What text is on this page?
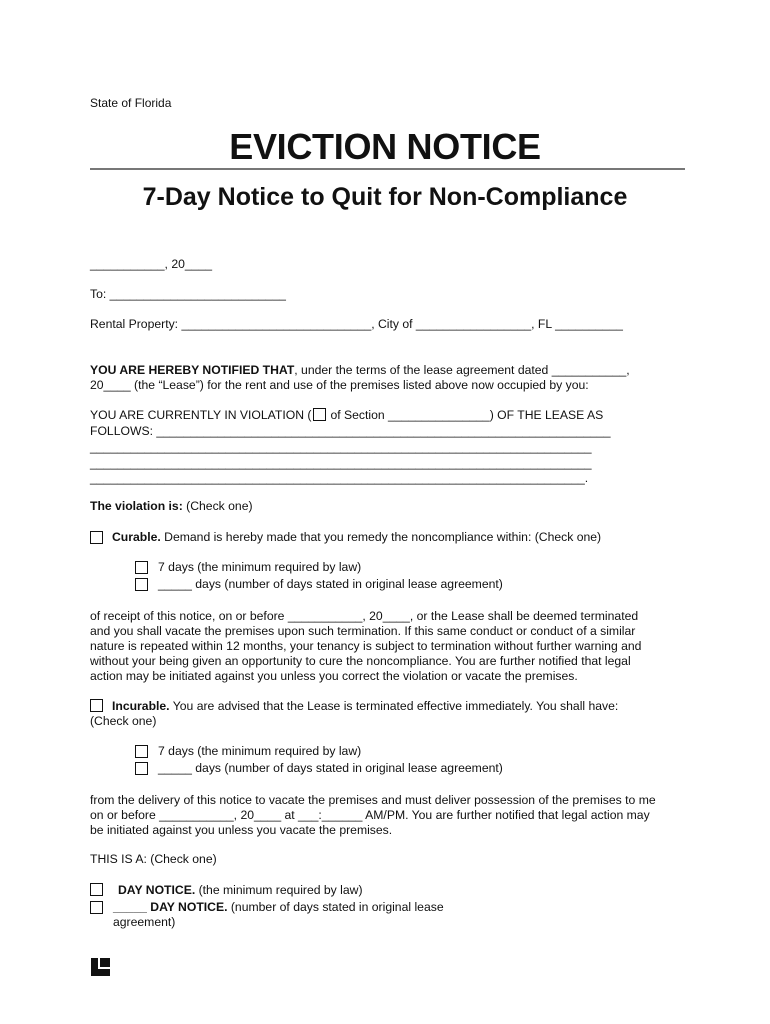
State of Florida
EVICTION NOTICE
7-Day Notice to Quit for Non-Compliance
___________, 20____
To: __________________________
Rental Property: ____________________________, City of _________________, FL __________
YOU ARE HEREBY NOTIFIED THAT, under the terms of the lease agreement dated ___________,
20____ (the “Lease”) for the rent and use of the premises listed above now occupied by you:
YOU ARE CURRENTLY IN VIOLATION ( of Section _______________) OF THE LEASE AS
FOLLOWS: ___________________________________________________________________
__________________________________________________________________________
__________________________________________________________________________
_________________________________________________________________________.
The violation is: (Check one)
Curable. Demand is hereby made that you remedy the noncompliance within: (Check one)
7 days (the minimum required by law)
_____ days (number of days stated in original lease agreement)
of receipt of this notice, on or before ___________, 20____, or the Lease shall be deemed terminated
and you shall vacate the premises upon such termination. If this same conduct or conduct of a similar
nature is repeated within 12 months, your tenancy is subject to termination without further warning and
without your being given an opportunity to cure the noncompliance. You are further notified that legal
action may be initiated against you unless you correct the violation or vacate the premises.
Incurable. You are advised that the Lease is terminated effective immediately. You shall have:
(Check one)
7 days (the minimum required by law)
_____ days (number of days stated in original lease agreement)
from the delivery of this notice to vacate the premises and must deliver possession of the premises to me
on or before ___________, 20____ at ___:______ AM/PM. You are further notified that legal action may
be initiated against you unless you vacate the premises.
THIS IS A: (Check one)
DAY NOTICE. (the minimum required by law)
_____ DAY NOTICE. (number of days stated in original lease
agreement)
